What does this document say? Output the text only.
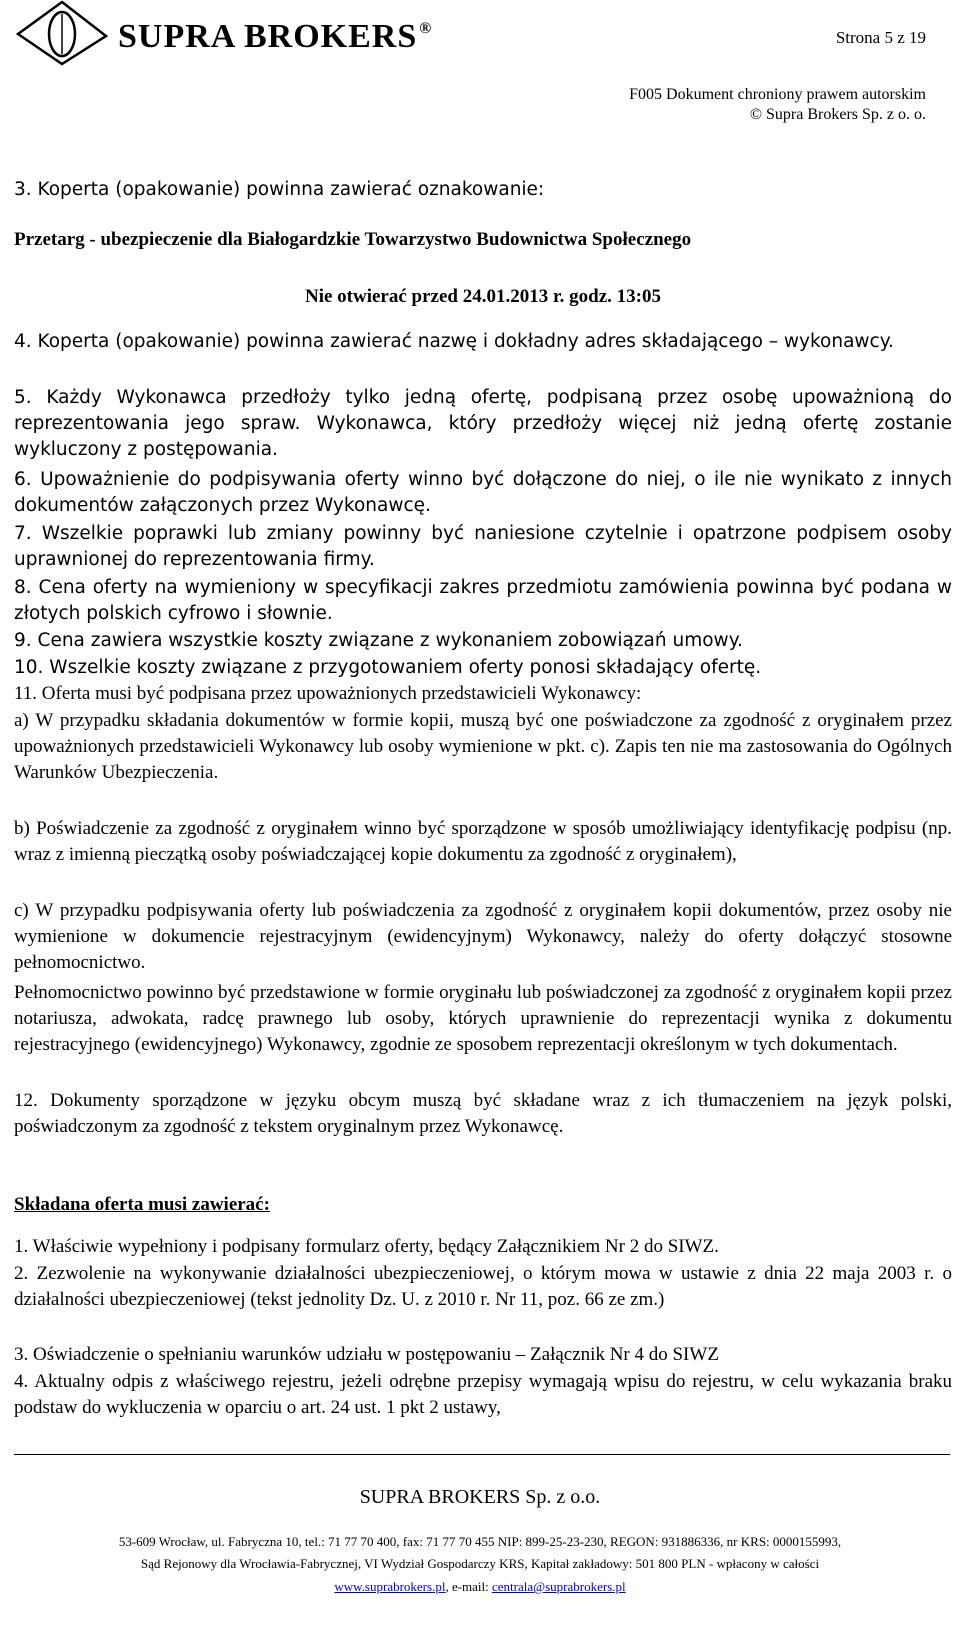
SUPRA BROKERS ®	Strona 5 z 19
F005 Dokument chroniony prawem autorskim
© Supra Brokers Sp. z o. o.

3. Koperta (opakowanie) powinna zawierać oznakowanie:

Przetarg - ubezpieczenie dla Białogardzkie Towarzystwo Budownictwa Społecznego

Nie otwierać przed 24.01.2013 r. godz. 13:05

4. Koperta (opakowanie) powinna zawierać nazwę i dokładny adres składającego – wykonawcy.

5. Każdy Wykonawca przedłoży tylko jedną ofertę, podpisaną przez osobę upoważnioną do reprezentowania jego spraw. Wykonawca, który przedłoży więcej niż jedną ofertę zostanie wykluczony z postępowania.

6. Upoważnienie do podpisywania oferty winno być dołączone do niej, o ile nie wynikato z innych dokumentów załączonych przez Wykonawcę.

7. Wszelkie poprawki lub zmiany powinny być naniesione czytelnie i opatrzone podpisem osoby uprawnionej do reprezentowania firmy.

8. Cena oferty na wymieniony w specyfikacji zakres przedmiotu zamówienia powinna być podana w złotych polskich cyfrowo i słownie.

9. Cena zawiera wszystkie koszty związane z wykonaniem zobowiązań umowy.

10. Wszelkie koszty związane z przygotowaniem oferty ponosi składający ofertę.

11. Oferta musi być podpisana przez upoważnionych przedstawicieli Wykonawcy:

a) W przypadku składania dokumentów w formie kopii, muszą być one poświadczone za zgodność z oryginałem przez upoważnionych przedstawicieli Wykonawcy lub osoby wymienione w pkt. c). Zapis ten nie ma zastosowania do Ogólnych Warunków Ubezpieczenia.

b) Poświadczenie za zgodność z oryginałem winno być sporządzone w sposób umożliwiający identyfikację podpisu (np. wraz z imienną pieczątką osoby poświadczającej kopie dokumentu za zgodność z oryginałem),

c) W przypadku podpisywania oferty lub poświadczenia za zgodność z oryginałem kopii dokumentów, przez osoby nie wymienione w dokumencie rejestracyjnym (ewidencyjnym) Wykonawcy, należy do oferty dołączyć stosowne pełnomocnictwo.

Pełnomocnictwo powinno być przedstawione w formie oryginału lub poświadczonej za zgodność z oryginałem kopii przez notariusza, adwokata, radcę prawnego lub osoby, których uprawnienie do reprezentacji wynika z dokumentu rejestracyjnego (ewidencyjnego) Wykonawcy, zgodnie ze sposobem reprezentacji określonym w tych dokumentach.

12. Dokumenty sporządzone w języku obcym muszą być składane wraz z ich tłumaczeniem na język polski, poświadczonym za zgodność z tekstem oryginalnym przez Wykonawcę.

Składana oferta musi zawierać:

1. Właściwie wypełniony i podpisany formularz oferty, będący Załącznikiem Nr 2 do SIWZ.

2. Zezwolenie na wykonywanie działalności ubezpieczeniowej, o którym mowa w ustawie z dnia 22 maja 2003 r. o działalności ubezpieczeniowej (tekst jednolity Dz. U. z 2010 r. Nr 11, poz. 66 ze zm.)

3. Oświadczenie o spełnianiu warunków udziału w postępowaniu – Załącznik Nr 4 do SIWZ

4. Aktualny odpis z właściwego rejestru, jeżeli odrębne przepisy wymagają wpisu do rejestru, w celu wykazania braku podstaw do wykluczenia w oparciu o art. 24 ust. 1 pkt 2 ustawy,

SUPRA BROKERS Sp. z o.o.
53-609 Wrocław, ul. Fabryczna 10, tel.: 71 77 70 400, fax: 71 77 70 455 NIP: 899-25-23-230, REGON: 931886336, nr KRS: 0000155993,
Sąd Rejonowy dla Wrocławia-Fabrycznej, VI Wydział Gospodarczy KRS, Kapitał zakładowy: 501 800 PLN - wpłacony w całości
www.suprabrokers.pl, e-mail: centrala@suprabrokers.pl
